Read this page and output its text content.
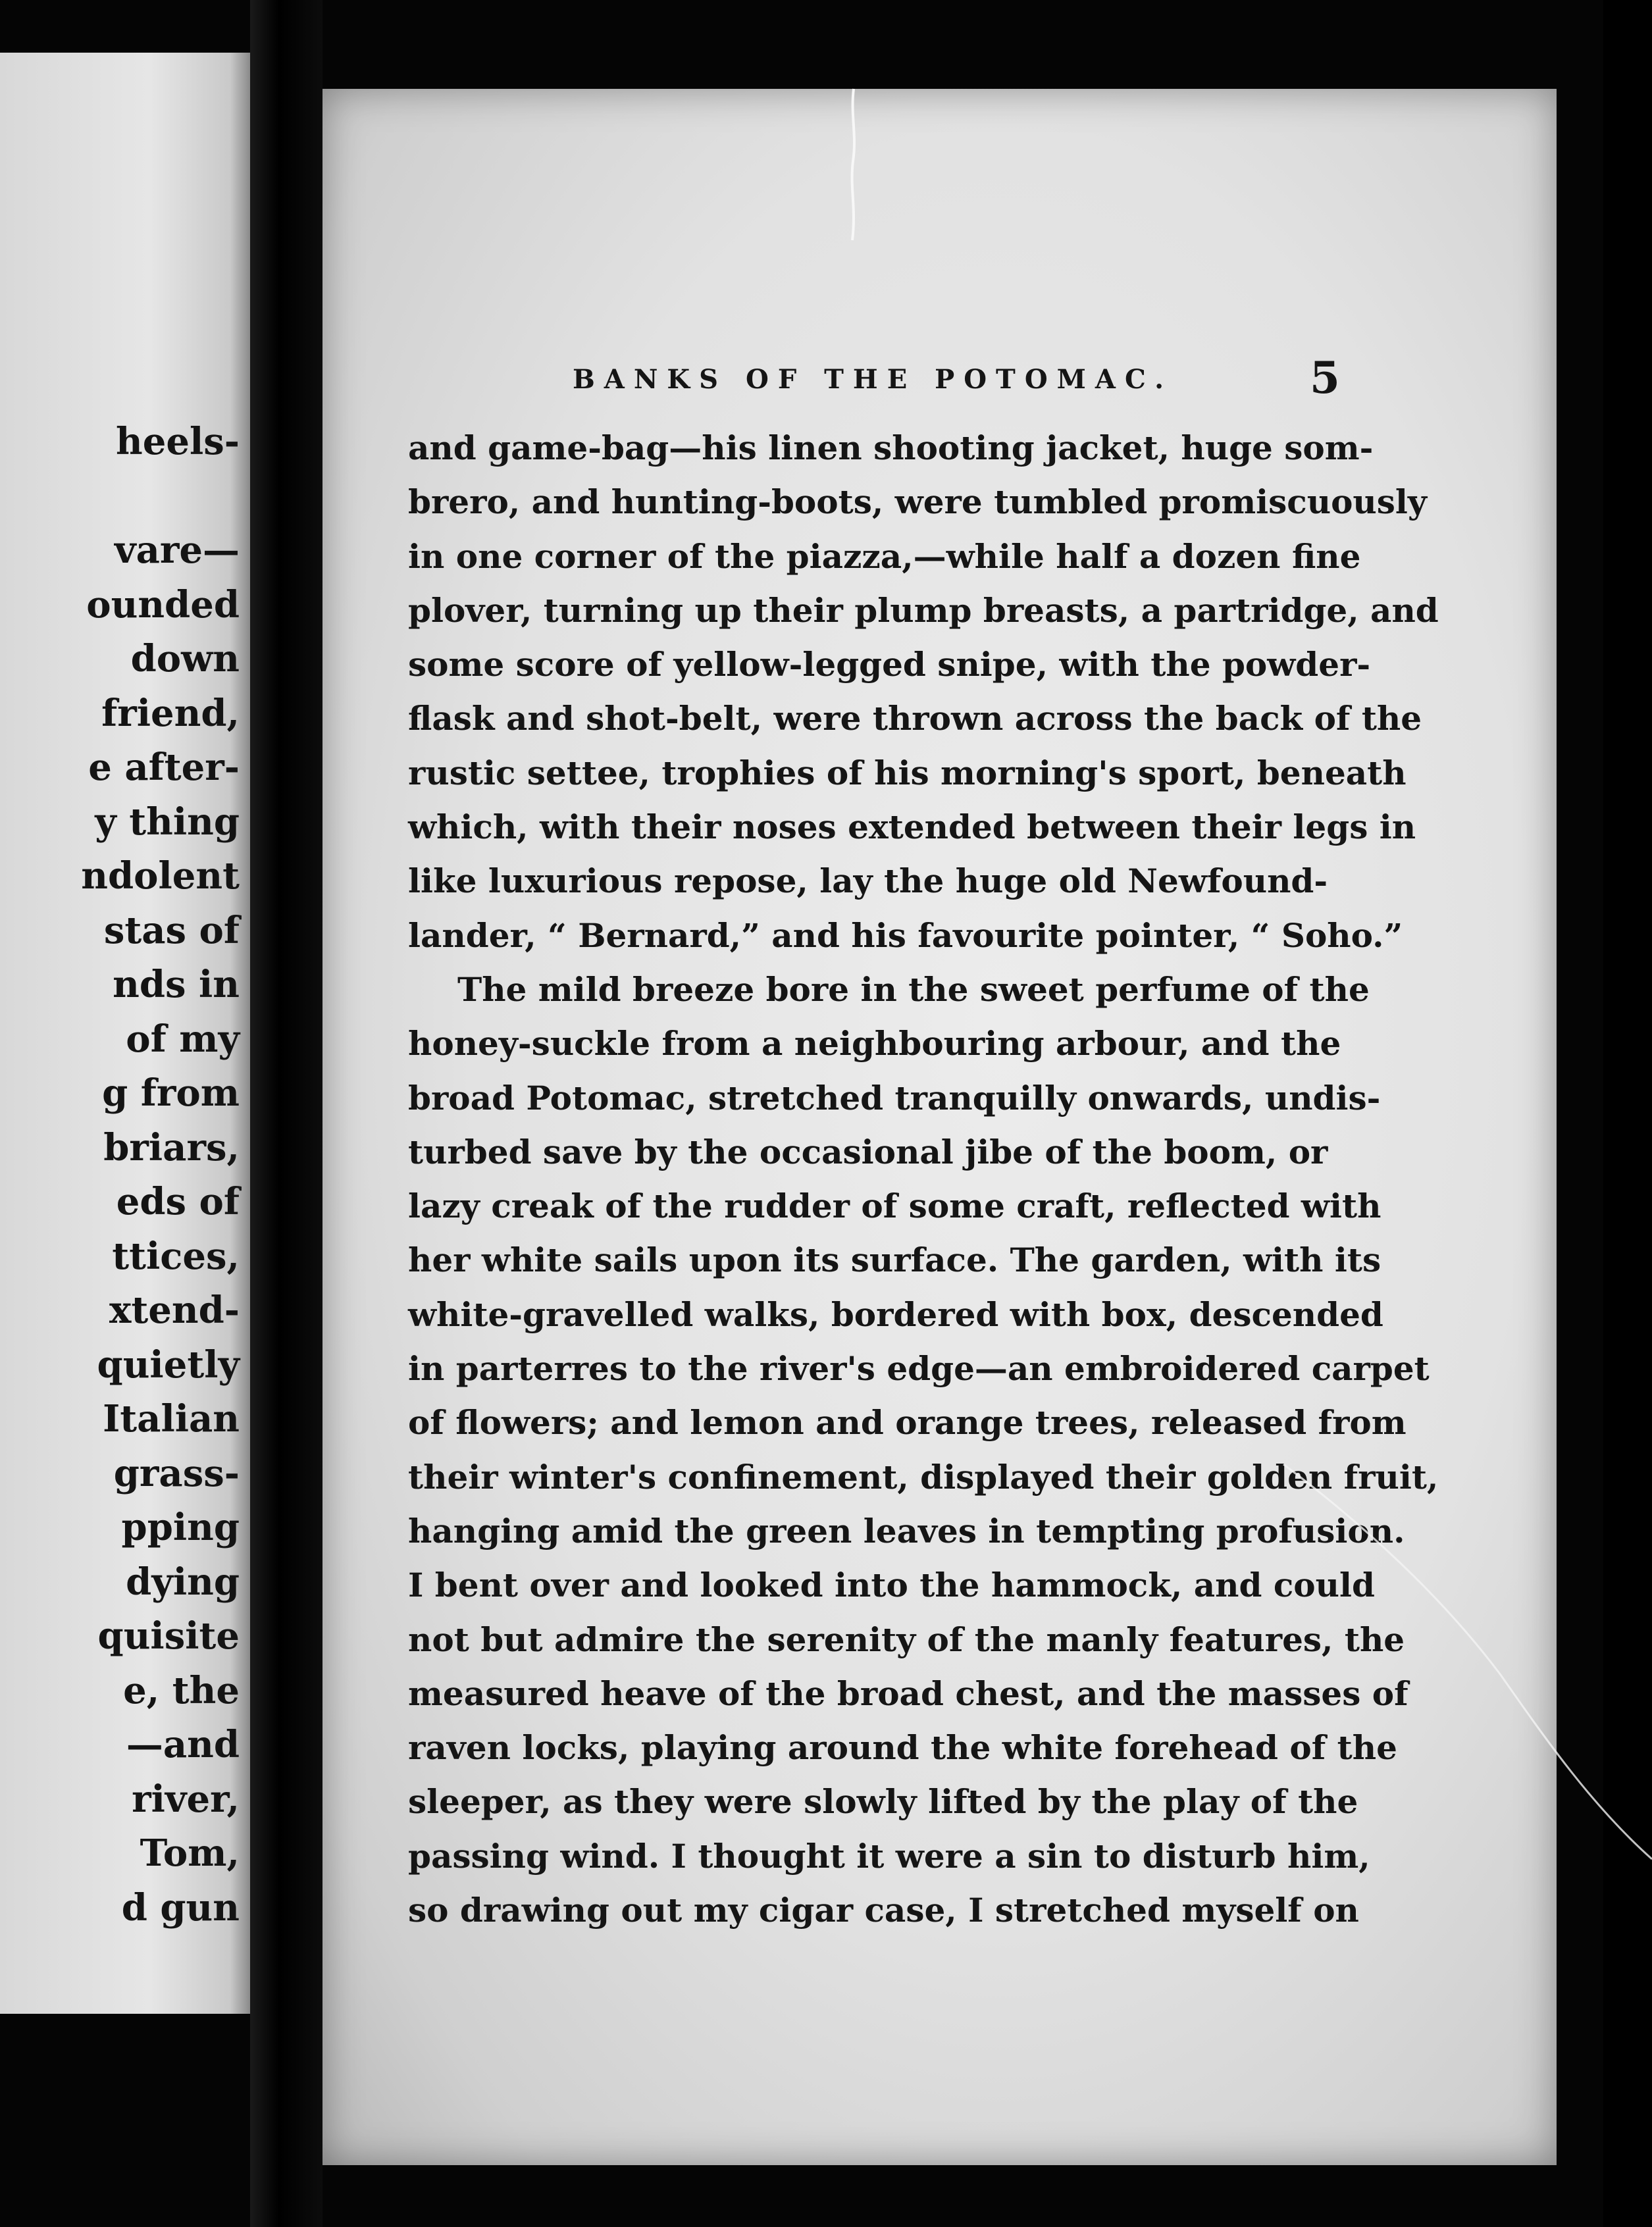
heels-

vare—
ounded
down
friend,
e after-
y thing
ndolent
stas of
nds in
of my
g from
briars,
eds of
ttices,
xtend-
quietly
Italian
grass-
pping
dying
quisite
e, the
—and
river,
Tom,
d gun
BANKS OF THE POTOMAC.	5
and game-bag—his linen shooting jacket, huge som-
brero, and hunting-boots, were tumbled promiscuously
in one corner of the piazza,—while half a dozen fine
plover, turning up their plump breasts, a partridge, and
some score of yellow-legged snipe, with the powder-
flask and shot-belt, were thrown across the back of the
rustic settee, trophies of his morning's sport, beneath
which, with their noses extended between their legs in
like luxurious repose, lay the huge old Newfound-
lander, “ Bernard,” and his favourite pointer, “ Soho.”
The mild breeze bore in the sweet perfume of the
honey-suckle from a neighbouring arbour, and the
broad Potomac, stretched tranquilly onwards, undis-
turbed save by the occasional jibe of the boom, or
lazy creak of the rudder of some craft, reflected with
her white sails upon its surface. The garden, with its
white-gravelled walks, bordered with box, descended
in parterres to the river's edge—an embroidered carpet
of flowers; and lemon and orange trees, released from
their winter's confinement, displayed their golden fruit,
hanging amid the green leaves in tempting profusion.
I bent over and looked into the hammock, and could
not but admire the serenity of the manly features, the
measured heave of the broad chest, and the masses of
raven locks, playing around the white forehead of the
sleeper, as they were slowly lifted by the play of the
passing wind. I thought it were a sin to disturb him,
so drawing out my cigar case, I stretched myself on
